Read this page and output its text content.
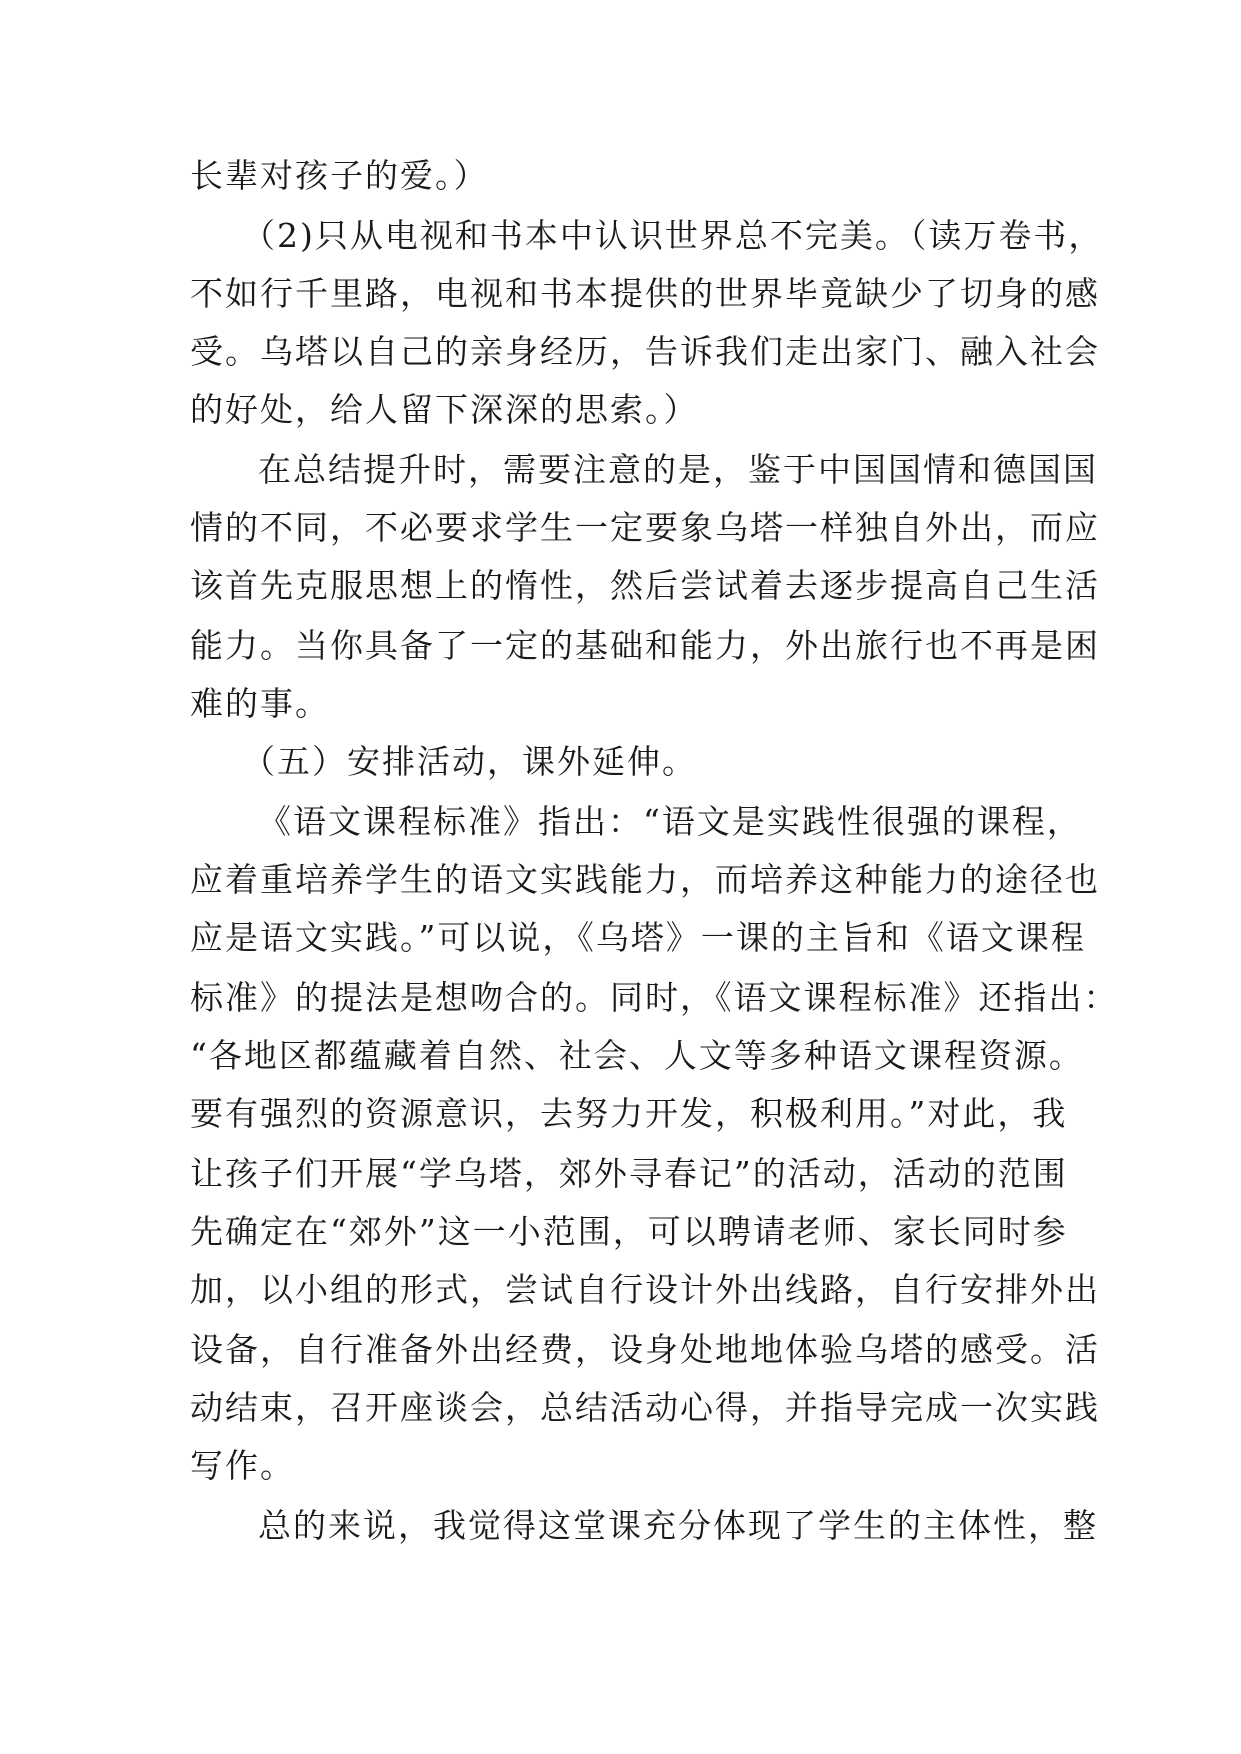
长辈对孩子的爱。）
（2)只从电视和书本中认识世界总不完美。（读万卷书，
不如行千里路，电视和书本提供的世界毕竟缺少了切身的感
受。乌塔以自己的亲身经历，告诉我们走出家门、融入社会
的好处，给人留下深深的思索。）
在总结提升时，需要注意的是，鉴于中国国情和德国国
情的不同，不必要求学生一定要象乌塔一样独自外出，而应
该首先克服思想上的惰性，然后尝试着去逐步提高自己生活
能力。当你具备了一定的基础和能力，外出旅行也不再是困
难的事。
（五）安排活动，课外延伸。
《语文课程标准》指出：“语文是实践性很强的课程，
应着重培养学生的语文实践能力，而培养这种能力的途径也
应是语文实践。”可以说，《乌塔》一课的主旨和《语文课程
标准》的提法是想吻合的。同时，《语文课程标准》还指出：
“各地区都蕴藏着自然、社会、人文等多种语文课程资源。
要有强烈的资源意识，去努力开发，积极利用。”对此，我
让孩子们开展“学乌塔，郊外寻春记”的活动，活动的范围
先确定在“郊外”这一小范围，可以聘请老师、家长同时参
加，以小组的形式，尝试自行设计外出线路，自行安排外出
设备，自行准备外出经费，设身处地地体验乌塔的感受。活
动结束，召开座谈会，总结活动心得，并指导完成一次实践
写作。
总的来说，我觉得这堂课充分体现了学生的主体性，整
